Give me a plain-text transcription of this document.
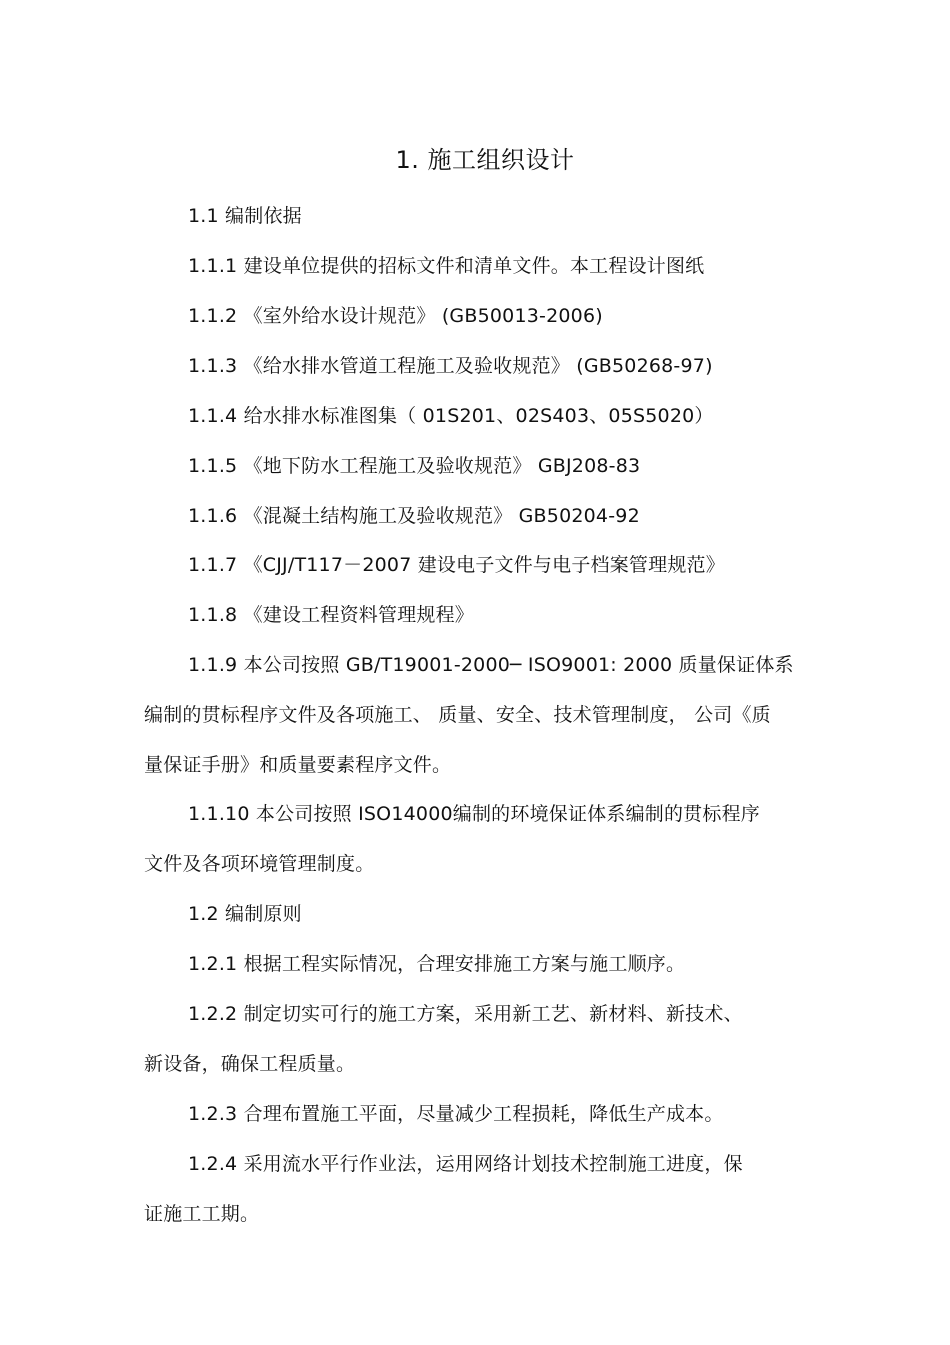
1. 施工组织设计
1.1 编制依据
1.1.1 建设单位提供的招标文件和清单文件。本工程设计图纸
1.1.2 《室外给水设计规范》 (GB50013-2006)
1.1.3 《给水排水管道工程施工及验收规范》 (GB50268-97)
1.1.4 给水排水标准图集（ 01S201、02S403、05S5020）
1.1.5 《地下防水工程施工及验收规范》 GBJ208-83
1.1.6 《混凝土结构施工及验收规范》 GB50204-92
1.1.7 《CJJ/T117－2007 建设电子文件与电子档案管理规范》
1.1.8 《建设工程资料管理规程》
1.1.9 本公司按照 GB/T19001-2000─ ISO9001: 2000 质量保证体系
编制的贯标程序文件及各项施工、 质量、安全、技术管理制度， 公司《质
量保证手册》和质量要素程序文件。
1.1.10 本公司按照 ISO14000编制的环境保证体系编制的贯标程序
文件及各项环境管理制度。
1.2 编制原则
1.2.1 根据工程实际情况，合理安排施工方案与施工顺序。
1.2.2 制定切实可行的施工方案，采用新工艺、新材料、新技术、
新设备，确保工程质量。
1.2.3 合理布置施工平面，尽量减少工程损耗，降低生产成本。
1.2.4 采用流水平行作业法，运用网络计划技术控制施工进度，保
证施工工期。
